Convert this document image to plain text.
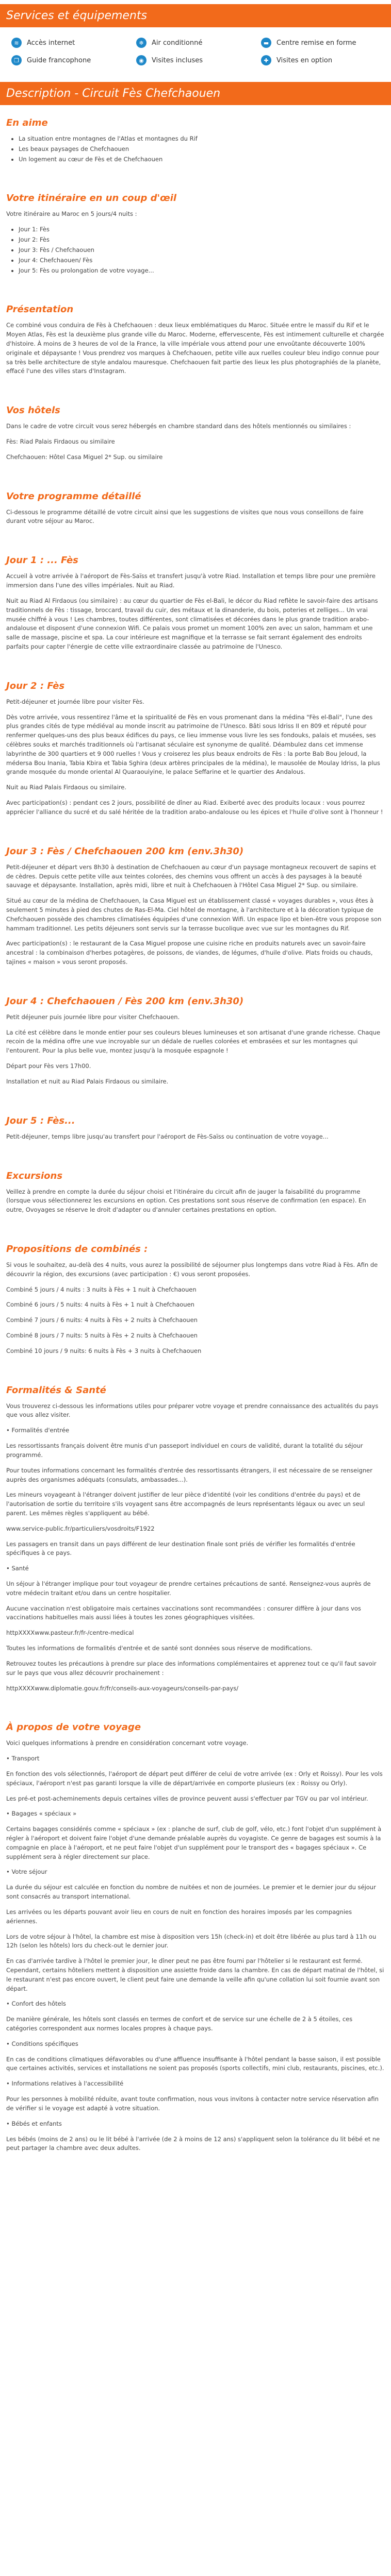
Services et équipements
≋	Accès internet	❄	Air conditionné	▬	Centre remise en forme
❐	Guide francophone	◉	Visites incluses	✚	Visites en option
Description - Circuit Fès Chefchaouen
En aime
• La situation entre montagnes de l'Atlas et montagnes du Rif
• Les beaux paysages de Chefchaouen
• Un logement au cœur de Fès et de Chefchaouen
Votre itinéraire en un coup d'œil

Votre itinéraire au Maroc en 5 jours/4 nuits :

• Jour 1: Fès
• Jour 2: Fès
• Jour 3: Fès / Chefchaouen
• Jour 4: Chefchaouen/ Fès
• Jour 5: Fès ou prolongation de votre voyage...
Présentation

Ce combiné vous conduira de Fès à Chefchaouen : deux lieux emblématiques du Maroc. Située entre le massif du Rif et le Moyen Atlas, Fès est la deuxième plus grande ville du Maroc. Moderne, effervescente, Fès est intimement culturelle et chargée d'histoire. À moins de 3 heures de vol de la France, la ville impériale vous attend pour une envoûtante découverte 100% originale et dépaysante ! Vous prendrez vos marques à Chefchaouen, petite ville aux ruelles couleur bleu indigo connue pour sa très belle architecture de style andalou mauresque. Chefchaouen fait partie des lieux les plus photographiés de la planète, effacé l'une des villes stars d'Instagram.

Vos hôtels

Dans le cadre de votre circuit vous serez hébergés en chambre standard dans des hôtels mentionnés ou similaires :

Fès: Riad Palais Firdaous ou similaire

Chefchaouen: Hôtel Casa Miguel 2* Sup. ou similaire

Votre programme détaillé

Ci-dessous le programme détaillé de votre circuit ainsi que les suggestions de visites que nous vous conseillons de faire durant votre séjour au Maroc.

Jour 1 : ... Fès

Accueil à votre arrivée à l'aéroport de Fès-Saïss et transfert jusqu'à votre Riad. Installation et temps libre pour une première immersion dans l'une des villes impériales. Nuit au Riad.

Nuit au Riad Al Firdaous (ou similaire) : au cœur du quartier de Fès el-Bali, le décor du Riad reflète le savoir-faire des artisans traditionnels de Fès : tissage, broccard, travail du cuir, des métaux et la dinanderie, du bois, poteries et zelliges... Un vrai musée chiffré à vous ! Les chambres, toutes différentes, sont climatisées et décorées dans le plus grande tradition arabo-andalouse et disposent d'une connexion Wifi. Ce palais vous promet un moment 100% zen avec un salon, hammam et une salle de massage, piscine et spa. La cour intérieure est magnifique et la terrasse se fait serrant également des endroits parfaits pour capter l'énergie de cette ville extraordinaire classée au patrimoine de l'Unesco.

Jour 2 : Fès

Petit-déjeuner et journée libre pour visiter Fès.

Dès votre arrivée, vous ressentirez l'âme et la spiritualité de Fès en vous promenant dans la médina "Fès el-Bali", l'une des plus grandes cités de type médiéval au monde inscrit au patrimoine de l'Unesco. Bâti sous Idriss II en 809 et réputé pour renfermer quelques-uns des plus beaux édifices du pays, ce lieu immense vous livre les ses fondouks, palais et musées, ses célèbres souks et marchés traditionnels où l'artisanat séculaire est synonyme de qualité. Déambulez dans cet immense labyrinthe de 300 quartiers et 9 000 ruelles ! Vous y croiserez les plus beaux endroits de Fès : la porte Bab Bou Jeloud, la médersa Bou Inania, Tabia Kbira et Tabia Sghira (deux artères principales de la médina), le mausolée de Moulay Idriss, la plus grande mosquée du monde oriental Al Quaraouiyine, le palace Seffarine et le quartier des Andalous.

Nuit au Riad Palais Firdaous ou similaire.

Avec participation(s) : pendant ces 2 jours, possibilité de dîner au Riad. Exiberté avec des produits locaux : vous pourrez apprécier l'alliance du sucré et du salé héritée de la tradition arabo-andalouse ou les épices et l'huile d'olive sont à l'honneur !

Jour 3 : Fès / Chefchaouen 200 km (env.3h30)

Petit-déjeuner et départ vers 8h30 à destination de Chefchaouen au cœur d'un paysage montagneux recouvert de sapins et de cèdres. Depuis cette petite ville aux teintes colorées, des chemins vous offrent un accès à des paysages à la beauté sauvage et dépaysante. Installation, après midi, libre et nuit à Chefchaouen à l'Hôtel Casa Miguel 2* Sup. ou similaire.

Situé au cœur de la médina de Chefchaouen, la Casa Miguel est un établissement classé « voyages durables », vous êtes à seulement 5 minutes à pied des chutes de Ras-El-Ma. Ciel hôtel de montagne, à l'architecture et à la décoration typique de Chefchaouen possède des chambres climatisées équipées d'une connexion Wifi. Un espace lipo et bien-être vous propose son hammam traditionnel. Les petits déjeuners sont servis sur la terrasse bucolique avec vue sur les montagnes du Rif.

Avec participation(s) : le restaurant de la Casa Miguel propose une cuisine riche en produits naturels avec un savoir-faire ancestral : la combinaison d'herbes potagères, de poissons, de viandes, de légumes, d'huile d'olive. Plats froids ou chauds, tajines « maison » vous seront proposés.

Jour 4 : Chefchaouen / Fès 200 km (env.3h30)

Petit déjeuner puis journée libre pour visiter Chefchaouen.

La cité est célèbre dans le monde entier pour ses couleurs bleues lumineuses et son artisanat d'une grande richesse. Chaque recoin de la médina offre une vue incroyable sur un dédale de ruelles colorées et embrasées et sur les montagnes qui l'entourent. Pour la plus belle vue, montez jusqu'à la mosquée espagnole !

Départ pour Fès vers 17h00.

Installation et nuit au Riad Palais Firdaous ou similaire.

Jour 5 : Fès...

Petit-déjeuner, temps libre jusqu'au transfert pour l'aéroport de Fès-Saïss ou continuation de votre voyage...

Excursions

Veillez à prendre en compte la durée du séjour choisi et l'itinéraire du circuit afin de jauger la faisabilité du programme (lorsque vous sélectionnerez les excursions en option. Ces prestations sont sous réserve de confirmation (en espace). En outre, Ovoyages se réserve le droit d'adapter ou d'annuler certaines prestations en option.

Propositions de combinés :

Si vous le souhaitez, au-delà des 4 nuits, vous aurez la possibilité de séjourner plus longtemps dans votre Riad à Fès. Afin de découvrir la région, des excursions (avec participation : €) vous seront proposées.

Combiné 5 jours / 4 nuits : 3 nuits à Fès + 1 nuit à Chefchaouen

Combiné 6 jours / 5 nuits: 4 nuits à Fès + 1 nuit à Chefchaouen

Combiné 7 jours / 6 nuits: 4 nuits à Fès + 2 nuits à Chefchaouen

Combiné 8 jours / 7 nuits: 5 nuits à Fès + 2 nuits à Chefchaouen

Combiné 10 jours / 9 nuits: 6 nuits à Fès + 3 nuits à Chefchaouen

Formalités & Santé

Vous trouverez ci-dessous les informations utiles pour préparer votre voyage et prendre connaissance des actualités du pays que vous allez visiter.

• Formalités d'entrée

Les ressortissants français doivent être munis d'un passeport individuel en cours de validité, durant la totalité du séjour programmé.

Pour toutes informations concernant les formalités d'entrée des ressortissants étrangers, il est nécessaire de se renseigner auprès des organismes adéquats (consulats, ambassades...).

Les mineurs voyageant à l'étranger doivent justifier de leur pièce d'identité (voir les conditions d'entrée du pays) et de l'autorisation de sortie du territoire s'ils voyagent sans être accompagnés de leurs représentants légaux ou avec un seul parent. Les mêmes règles s'appliquent au bébé.

www.service-public.fr/particuliers/vosdroits/F1922

Les passagers en transit dans un pays différent de leur destination finale sont priés de vérifier les formalités d'entrée spécifiques à ce pays.

• Santé

Un séjour à l'étranger implique pour tout voyageur de prendre certaines précautions de santé. Renseignez-vous auprès de votre médecin traitant et/ou dans un centre hospitalier.

Aucune vaccination n'est obligatoire mais certaines vaccinations sont recommandées : consurer diffère à jour dans vos vaccinations habituelles mais aussi liées à toutes les zones géographiques visitées.

httpXXXXwww.pasteur.fr/fr-/centre-medical

Toutes les informations de formalités d'entrée et de santé sont données sous réserve de modifications.

Retrouvez toutes les précautions à prendre sur place des informations complémentaires et apprenez tout ce qu'il faut savoir sur le pays que vous allez découvrir prochainement :

httpXXXXwww.diplomatie.gouv.fr/fr/conseils-aux-voyageurs/conseils-par-pays/

À propos de votre voyage

Voici quelques informations à prendre en considération concernant votre voyage.

• Transport

En fonction des vols sélectionnés, l'aéroport de départ peut différer de celui de votre arrivée (ex : Orly et Roissy). Pour les vols spéciaux, l'aéroport n'est pas garanti lorsque la ville de départ/arrivée en comporte plusieurs (ex : Roissy ou Orly).

Les pré-et post-acheminements depuis certaines villes de province peuvent aussi s'effectuer par TGV ou par vol intérieur.

• Bagages « spéciaux »

Certains bagages considérés comme « spéciaux » (ex : planche de surf, club de golf, vélo, etc.) font l'objet d'un supplément à régler à l'aéroport et doivent faire l'objet d'une demande préalable auprès du voyagiste. Ce genre de bagages est soumis à la compagnie en place à l'aéroport, et ne peut faire l'objet d'un supplément pour le transport des « bagages spéciaux ». Ce supplément sera à régler directement sur place.

• Votre séjour

La durée du séjour est calculée en fonction du nombre de nuitées et non de journées. Le premier et le dernier jour du séjour sont consacrés au transport international.

Les arrivées ou les départs pouvant avoir lieu en cours de nuit en fonction des horaires imposés par les compagnies aériennes.

Lors de votre séjour à l'hôtel, la chambre est mise à disposition vers 15h (check-in) et doit être libérée au plus tard à 11h ou 12h (selon les hôtels) lors du check-out le dernier jour.

En cas d'arrivée tardive à l'hôtel le premier jour, le dîner peut ne pas être fourni par l'hôtelier si le restaurant est fermé. Cependant, certains hôteliers mettent à disposition une assiette froide dans la chambre. En cas de départ matinal de l'hôtel, si le restaurant n'est pas encore ouvert, le client peut faire une demande la veille afin qu'une collation lui soit fournie avant son départ.

• Confort des hôtels

De manière générale, les hôtels sont classés en termes de confort et de service sur une échelle de 2 à 5 étoiles, ces catégories correspondent aux normes locales propres à chaque pays.

• Conditions spécifiques

En cas de conditions climatiques défavorables ou d'une affluence insuffisante à l'hôtel pendant la basse saison, il est possible que certaines activités, services et installations ne soient pas proposés (sports collectifs, mini club, restaurants, piscines, etc.).

• Informations relatives à l'accessibilité

Pour les personnes à mobilité réduite, avant toute confirmation, nous vous invitons à contacter notre service réservation afin de vérifier si le voyage est adapté à votre situation.

• Bébés et enfants

Les bébés (moins de 2 ans) ou le lit bébé à l'arrivée (de 2 à moins de 12 ans) s'appliquent selon la tolérance du lit bébé et ne peut partager la chambre avec deux adultes.
